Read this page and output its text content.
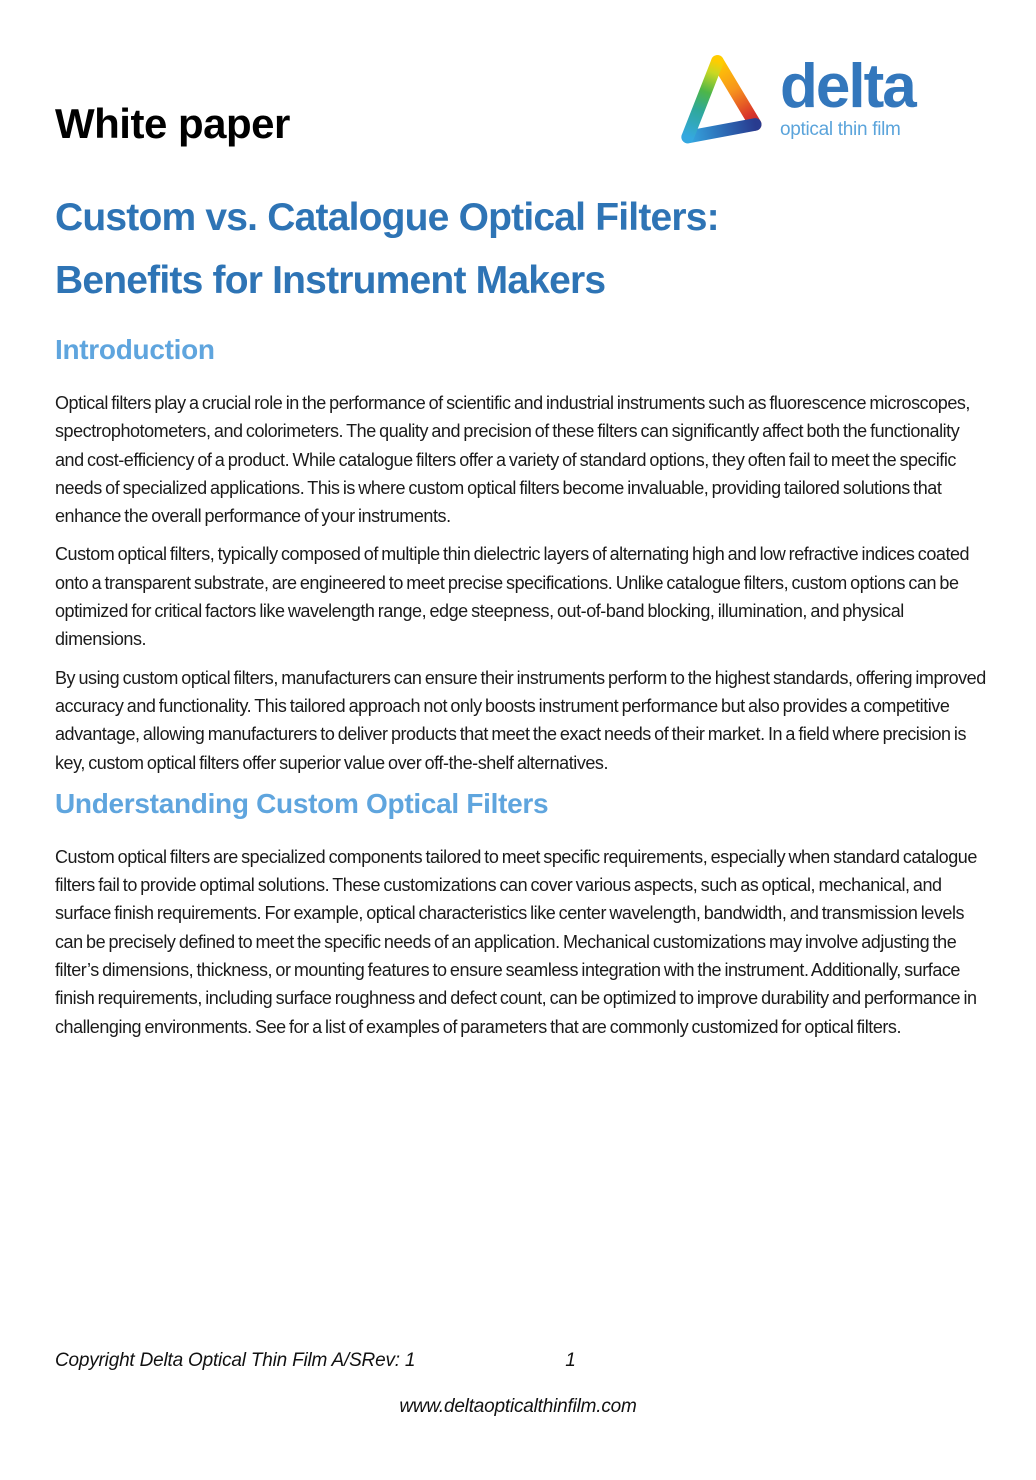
White paper
delta
optical thin film
Custom vs. Catalogue Optical Filters:
Benefits for Instrument Makers
Introduction

Optical filters play a crucial role in the performance of scientific and industrial instruments such as fluorescence microscopes, spectrophotometers, and colorimeters. The quality and precision of these filters can significantly affect both the functionality and cost-efficiency of a product. While catalogue filters offer a variety of standard options, they often fail to meet the specific needs of specialized applications. This is where custom optical filters become invaluable, providing tailored solutions that enhance the overall performance of your instruments.

Custom optical filters, typically composed of multiple thin dielectric layers of alternating high and low refractive indices coated onto a transparent substrate, are engineered to meet precise specifications. Unlike catalogue filters, custom options can be optimized for critical factors like wavelength range, edge steepness, out-of-band blocking, illumination, and physical dimensions.

By using custom optical filters, manufacturers can ensure their instruments perform to the highest standards, offering improved accuracy and functionality. This tailored approach not only boosts instrument performance but also provides a competitive advantage, allowing manufacturers to deliver products that meet the exact needs of their market. In a field where precision is key, custom optical filters offer superior value over off-the-shelf alternatives.

Understanding Custom Optical Filters

Custom optical filters are specialized components tailored to meet specific requirements, especially when standard catalogue filters fail to provide optimal solutions. These customizations can cover various aspects, such as optical, mechanical, and surface finish requirements. For example, optical characteristics like center wavelength, bandwidth, and transmission levels can be precisely defined to meet the specific needs of an application. Mechanical customizations may involve adjusting the filter’s dimensions, thickness, or mounting features to ensure seamless integration with the instrument. Additionally, surface finish requirements, including surface roughness and defect count, can be optimized to improve durability and performance in challenging environments. See for a list of examples of parameters that are commonly customized for optical filters.

Copyright Delta Optical Thin Film A/SRev: 1	1
www.deltaopticalthinfilm.com
